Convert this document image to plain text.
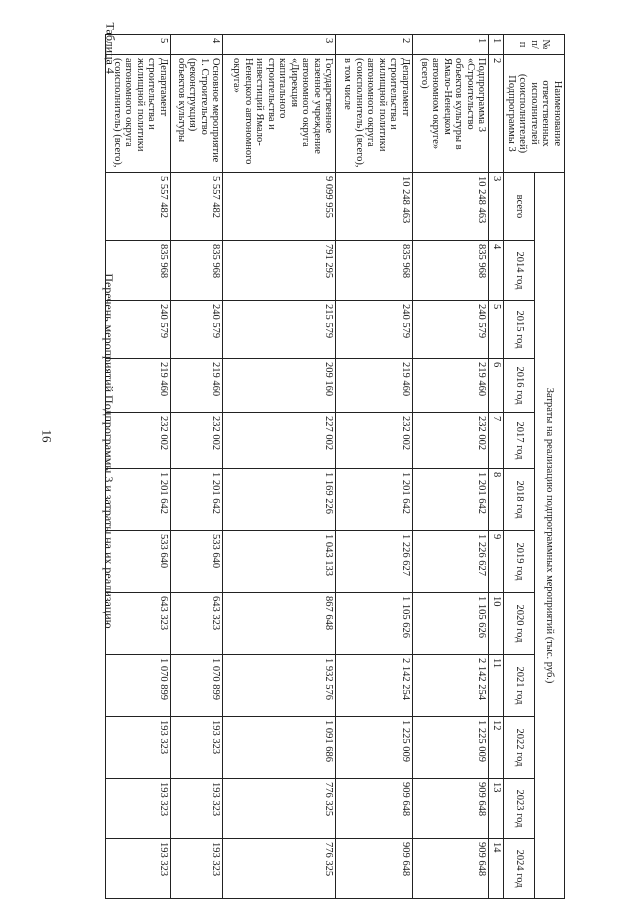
16	Перечень мероприятий Подпрограммы 3 и затраты на их реализацию
Таблица 4	№ п/п	Наименование ответственных исполнителей (соисполнителей) Подпрограммы 3	Затраты на реализацию подпрограммных мероприятий (тыс. руб.)											
		всего	2014 год	2015 год	2016 год	2017 год	2018 год	2019 год	2020 год	2021 год	2022 год	2023 год	2024 год
1	2	3	4	5	6	7	8	9	10	11	12	13	14
1	Подпрограмма 3 «Строительство объектов культуры в Ямало-Ненецком автономном округе» (всего)	10 248 463	835 968	240 579	219 460	232 002	1 201 642	1 226 627	1 105 626	2 142 254	1 225 009	909 648	909 648
2	Департамент строительства и жилищной политики автономного округа (соисполнитель) (всего), в том числе	10 248 463	835 968	240 579	219 460	232 002	1 201 642	1 226 627	1 105 626	2 142 254	1 225 009	909 648	909 648
3	Государственное казенное учреждение автономного округа «Дирекция капитального строительства и инвестиций Ямало-Ненецкого автономного округа»	9 099 955	791 295	215 579	209 160	227 002	1 169 226	1 043 133	867 648	1 932 576	1 091 686	776 325	776 325
4	Основное мероприятие 1. Строительство (реконструкция) объектов культуры	5 557 482	835 968	240 579	219 460	232 002	1 201 642	533 640	643 323	1 070 899	193 323	193 323	193 323
5	Департамент строительства и жилищной политики автономного округа (соисполнитель) (всего),	5 557 482	835 968	240 579	219 460	232 002	1 201 642	533 640	643 323	1 070 899	193 323	193 323	193 323
